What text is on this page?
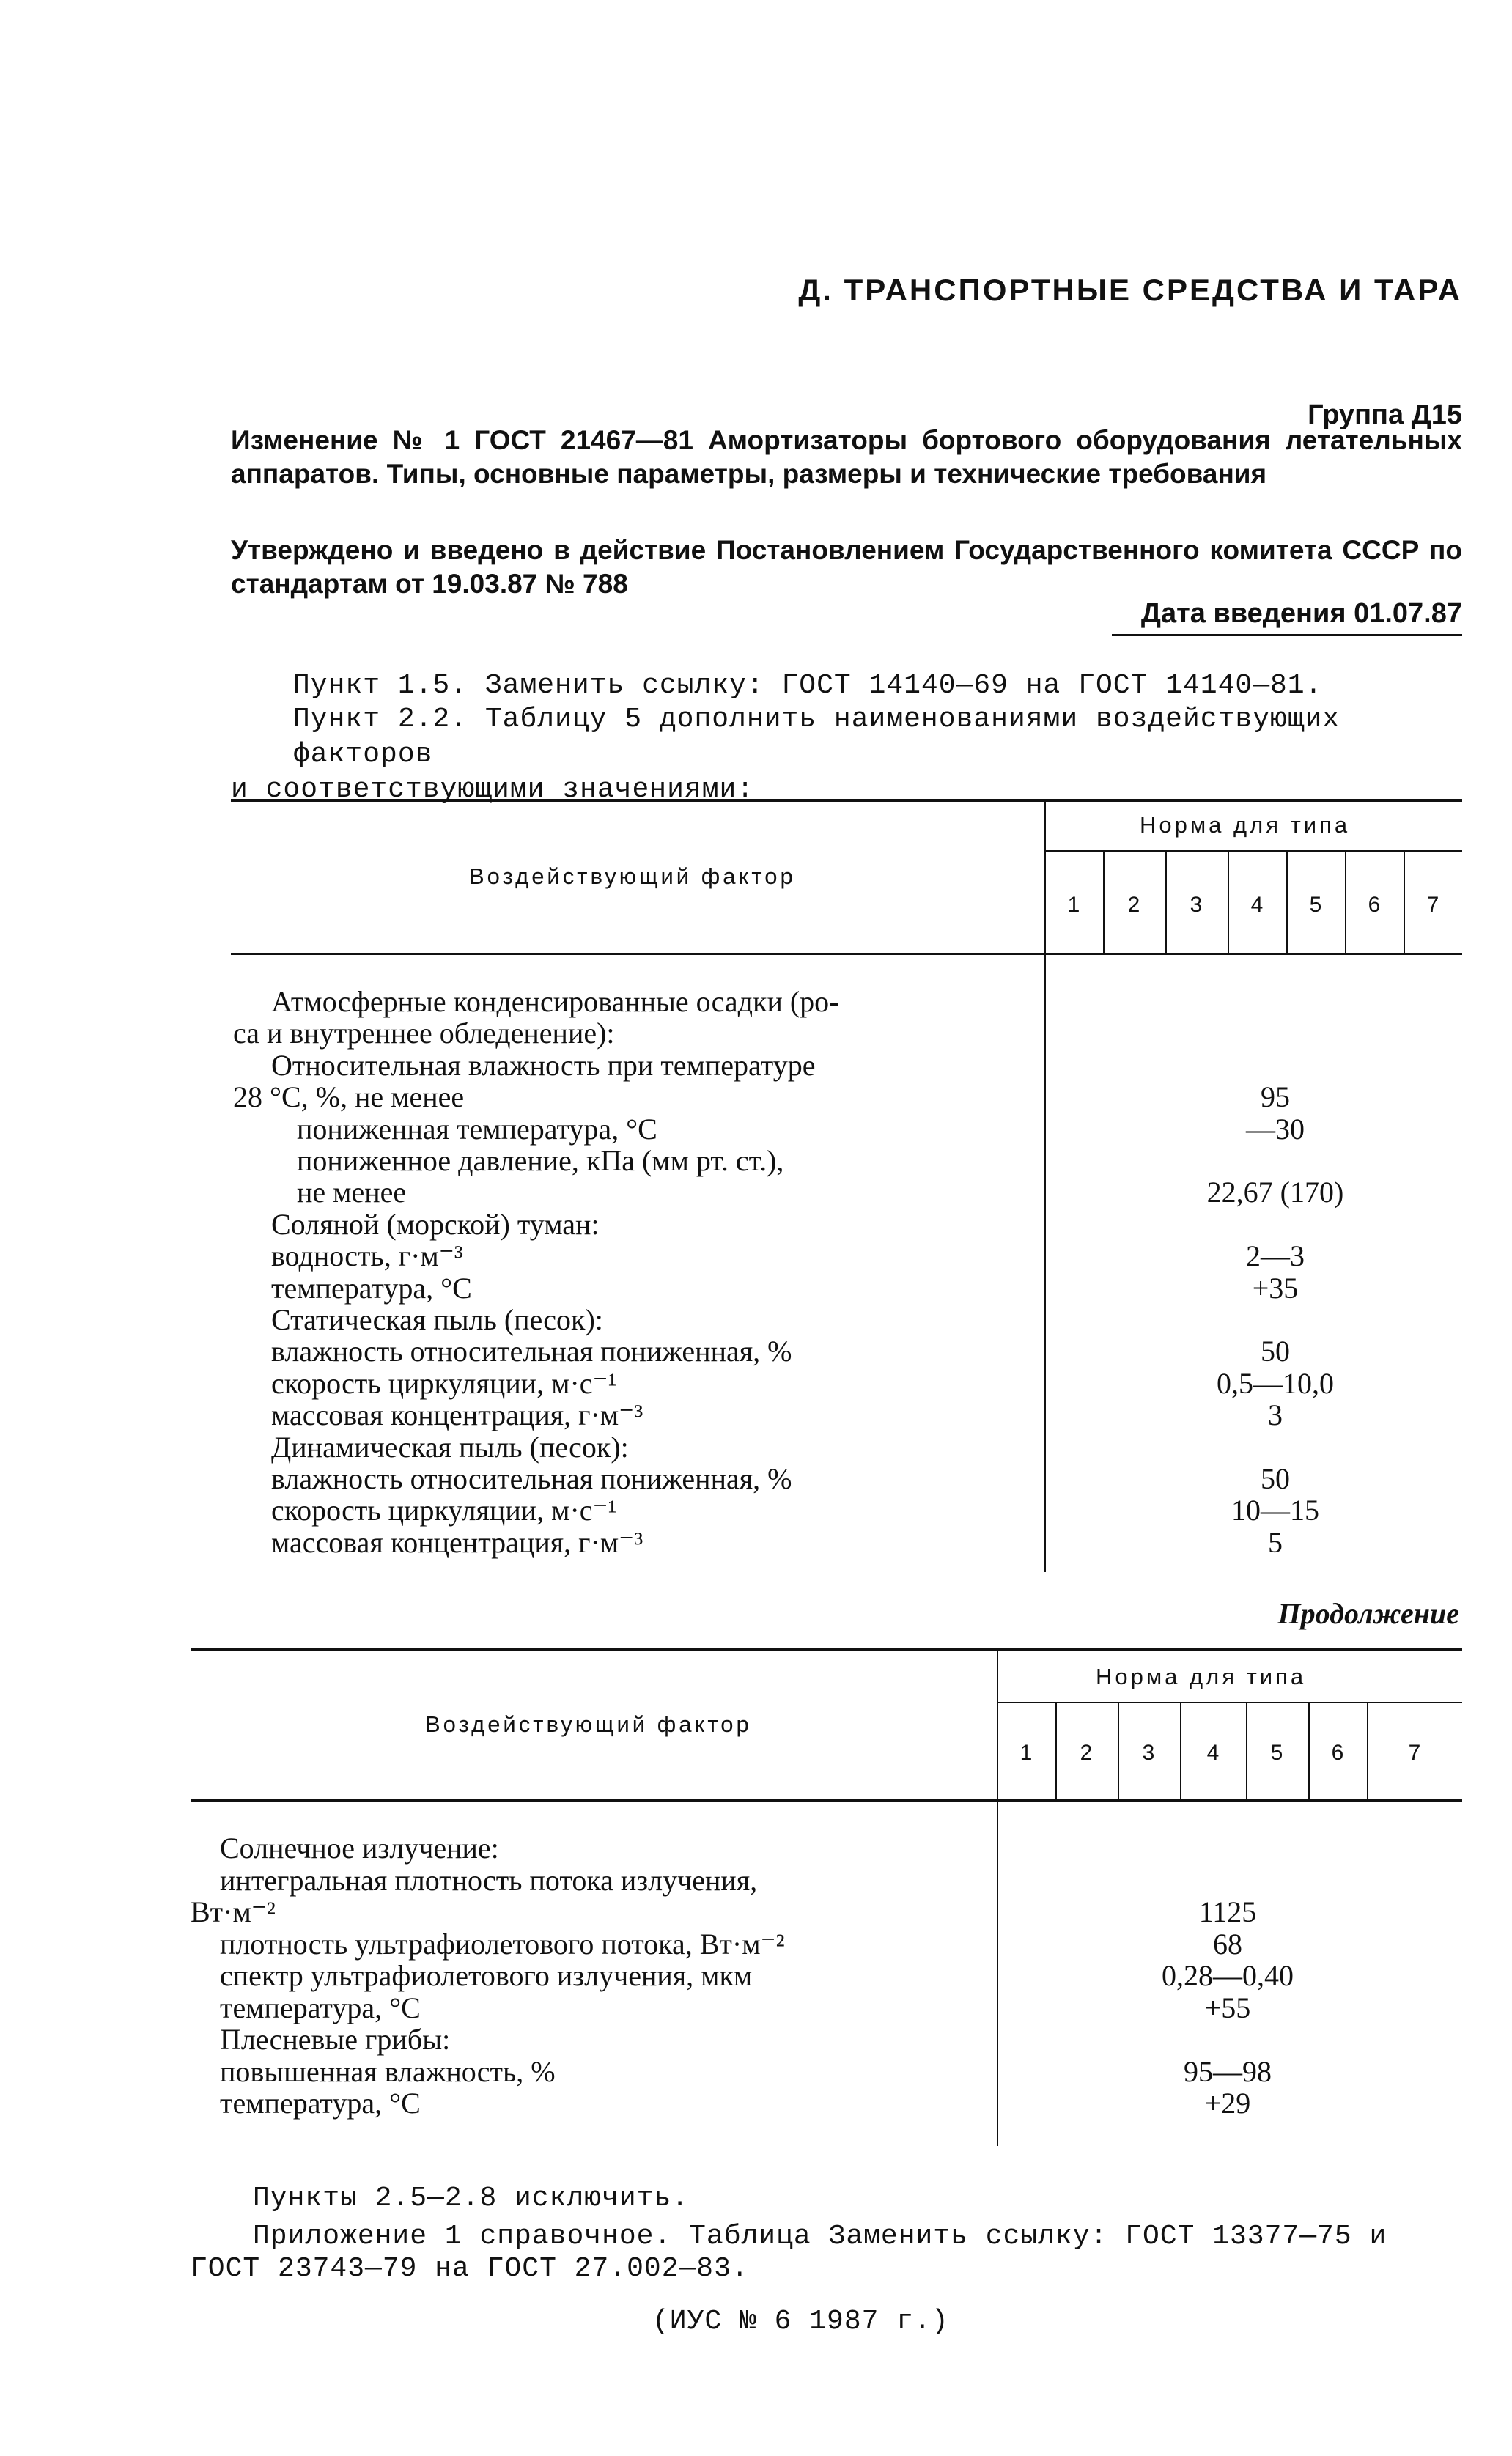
Д. ТРАНСПОРТНЫЕ СРЕДСТВА И ТАРА
Группа Д15
Изменение № 1 ГОСТ 21467—81 Амортизаторы бортового оборудования летательных аппаратов. Типы, основные параметры, размеры и технические требования
Утверждено и введено в действие Постановлением Государственного комитета СССР по стандартам от 19.03.87 № 788
Дата введения 01.07.87
Пункт 1.5. Заменить ссылку: ГОСТ 14140—69 на ГОСТ 14140—81.
Пункт 2.2. Таблицу 5 дополнить наименованиями воздействующих факторов
и соответствующими значениями:
Воздействующий фактор
Норма для типа
1	2	3	4	5	6	7
Атмосферные конденсированные осадки (ро-
са и внутреннее обледенение):
Относительная влажность при температуре
28 °С, %, не менее	95
пониженная температура, °С	—30
пониженное давление, кПа (мм рт. ст.),
не менее	22,67 (170)
Соляной (морской) туман:
водность, г·м⁻³	2—3
температура, °С	+35
Статическая пыль (песок):
влажность относительная пониженная, %	50
скорость циркуляции, м·с⁻¹	0,5—10,0
массовая концентрация, г·м⁻³	3
Динамическая пыль (песок):
влажность относительная пониженная, %	50
скорость циркуляции, м·с⁻¹	10—15
массовая концентрация, г·м⁻³	5
Продолжение
Воздействующий фактор
Норма для типа
1	2	3	4	5	6	7
Солнечное излучение:
интегральная плотность потока излучения,
Вт·м⁻²	1125
плотность ультрафиолетового потока, Вт·м⁻²	68
спектр ультрафиолетового излучения, мкм	0,28—0,40
температура, °С	+55
Плесневые грибы:
повышенная влажность, %	95—98
температура, °С	+29
Пункты 2.5—2.8 исключить.
Приложение 1 справочное. Таблица Заменить ссылку: ГОСТ 13377—75 и
ГОСТ 23743—79 на ГОСТ 27.002—83.
(ИУС № 6 1987 г.)
